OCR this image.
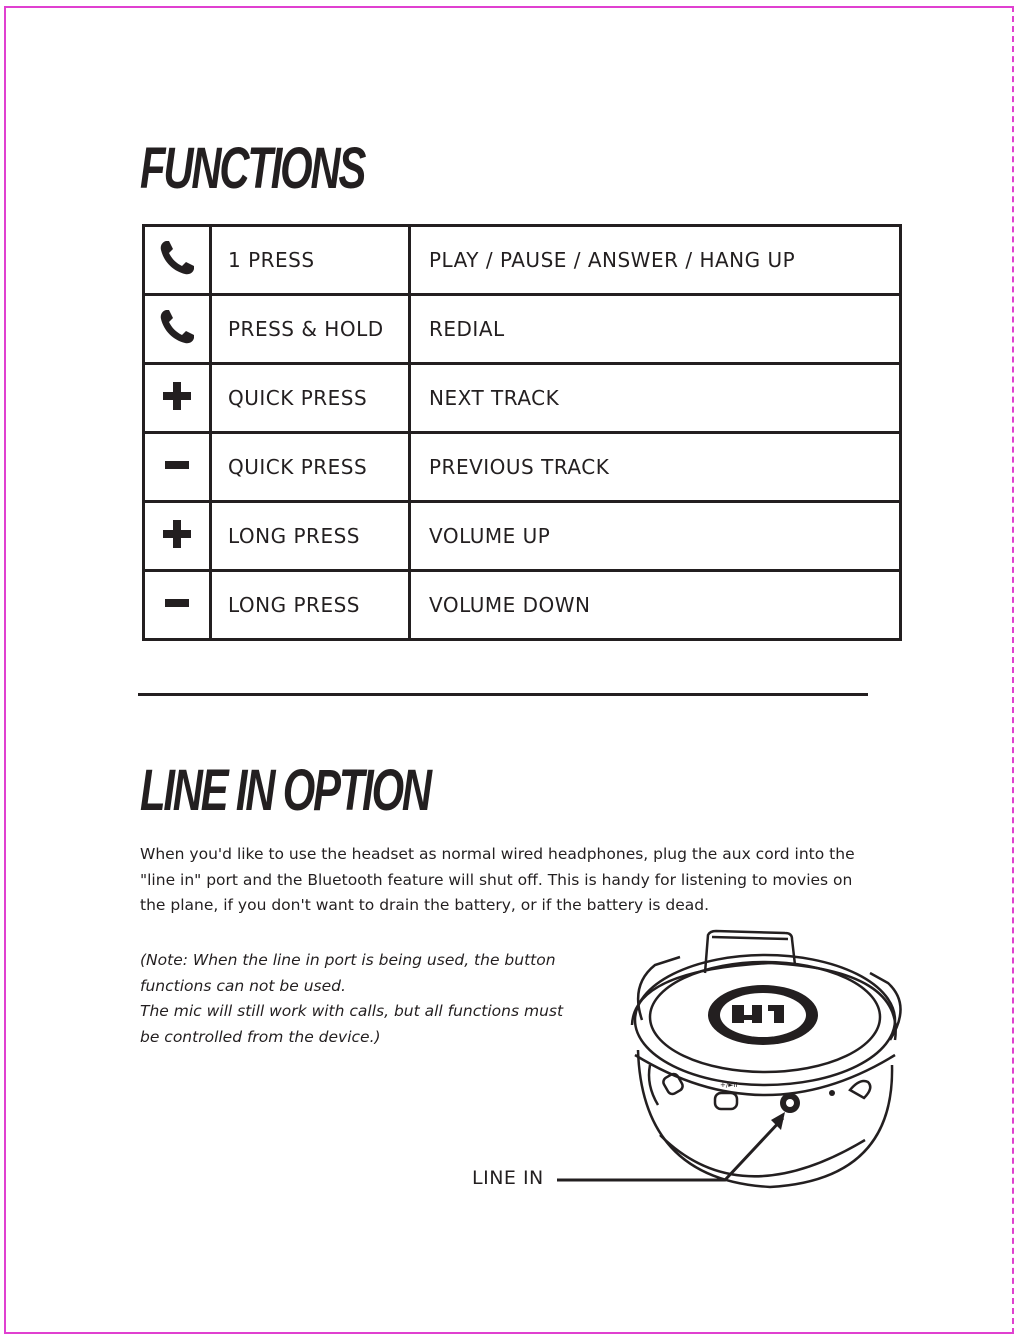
FUNCTIONS
	1 PRESS	PLAY / PAUSE / ANSWER / HANG UP
	PRESS & HOLD	REDIAL
	QUICK PRESS	NEXT TRACK
	QUICK PRESS	PREVIOUS TRACK
	LONG PRESS	VOLUME UP
	LONG PRESS	VOLUME DOWN
LINE IN OPTION

When you'd like to use the headset as normal wired headphones, plug the aux cord into the "line in" port and the Bluetooth feature will shut off. This is handy for listening to movies on the plane, if you don't want to drain the battery, or if the battery is dead.

(Note: When the line in port is being used, the button
functions can not be used.
The mic will still work with calls, but all functions must
be controlled from the device.)

+/►II
LINE IN
